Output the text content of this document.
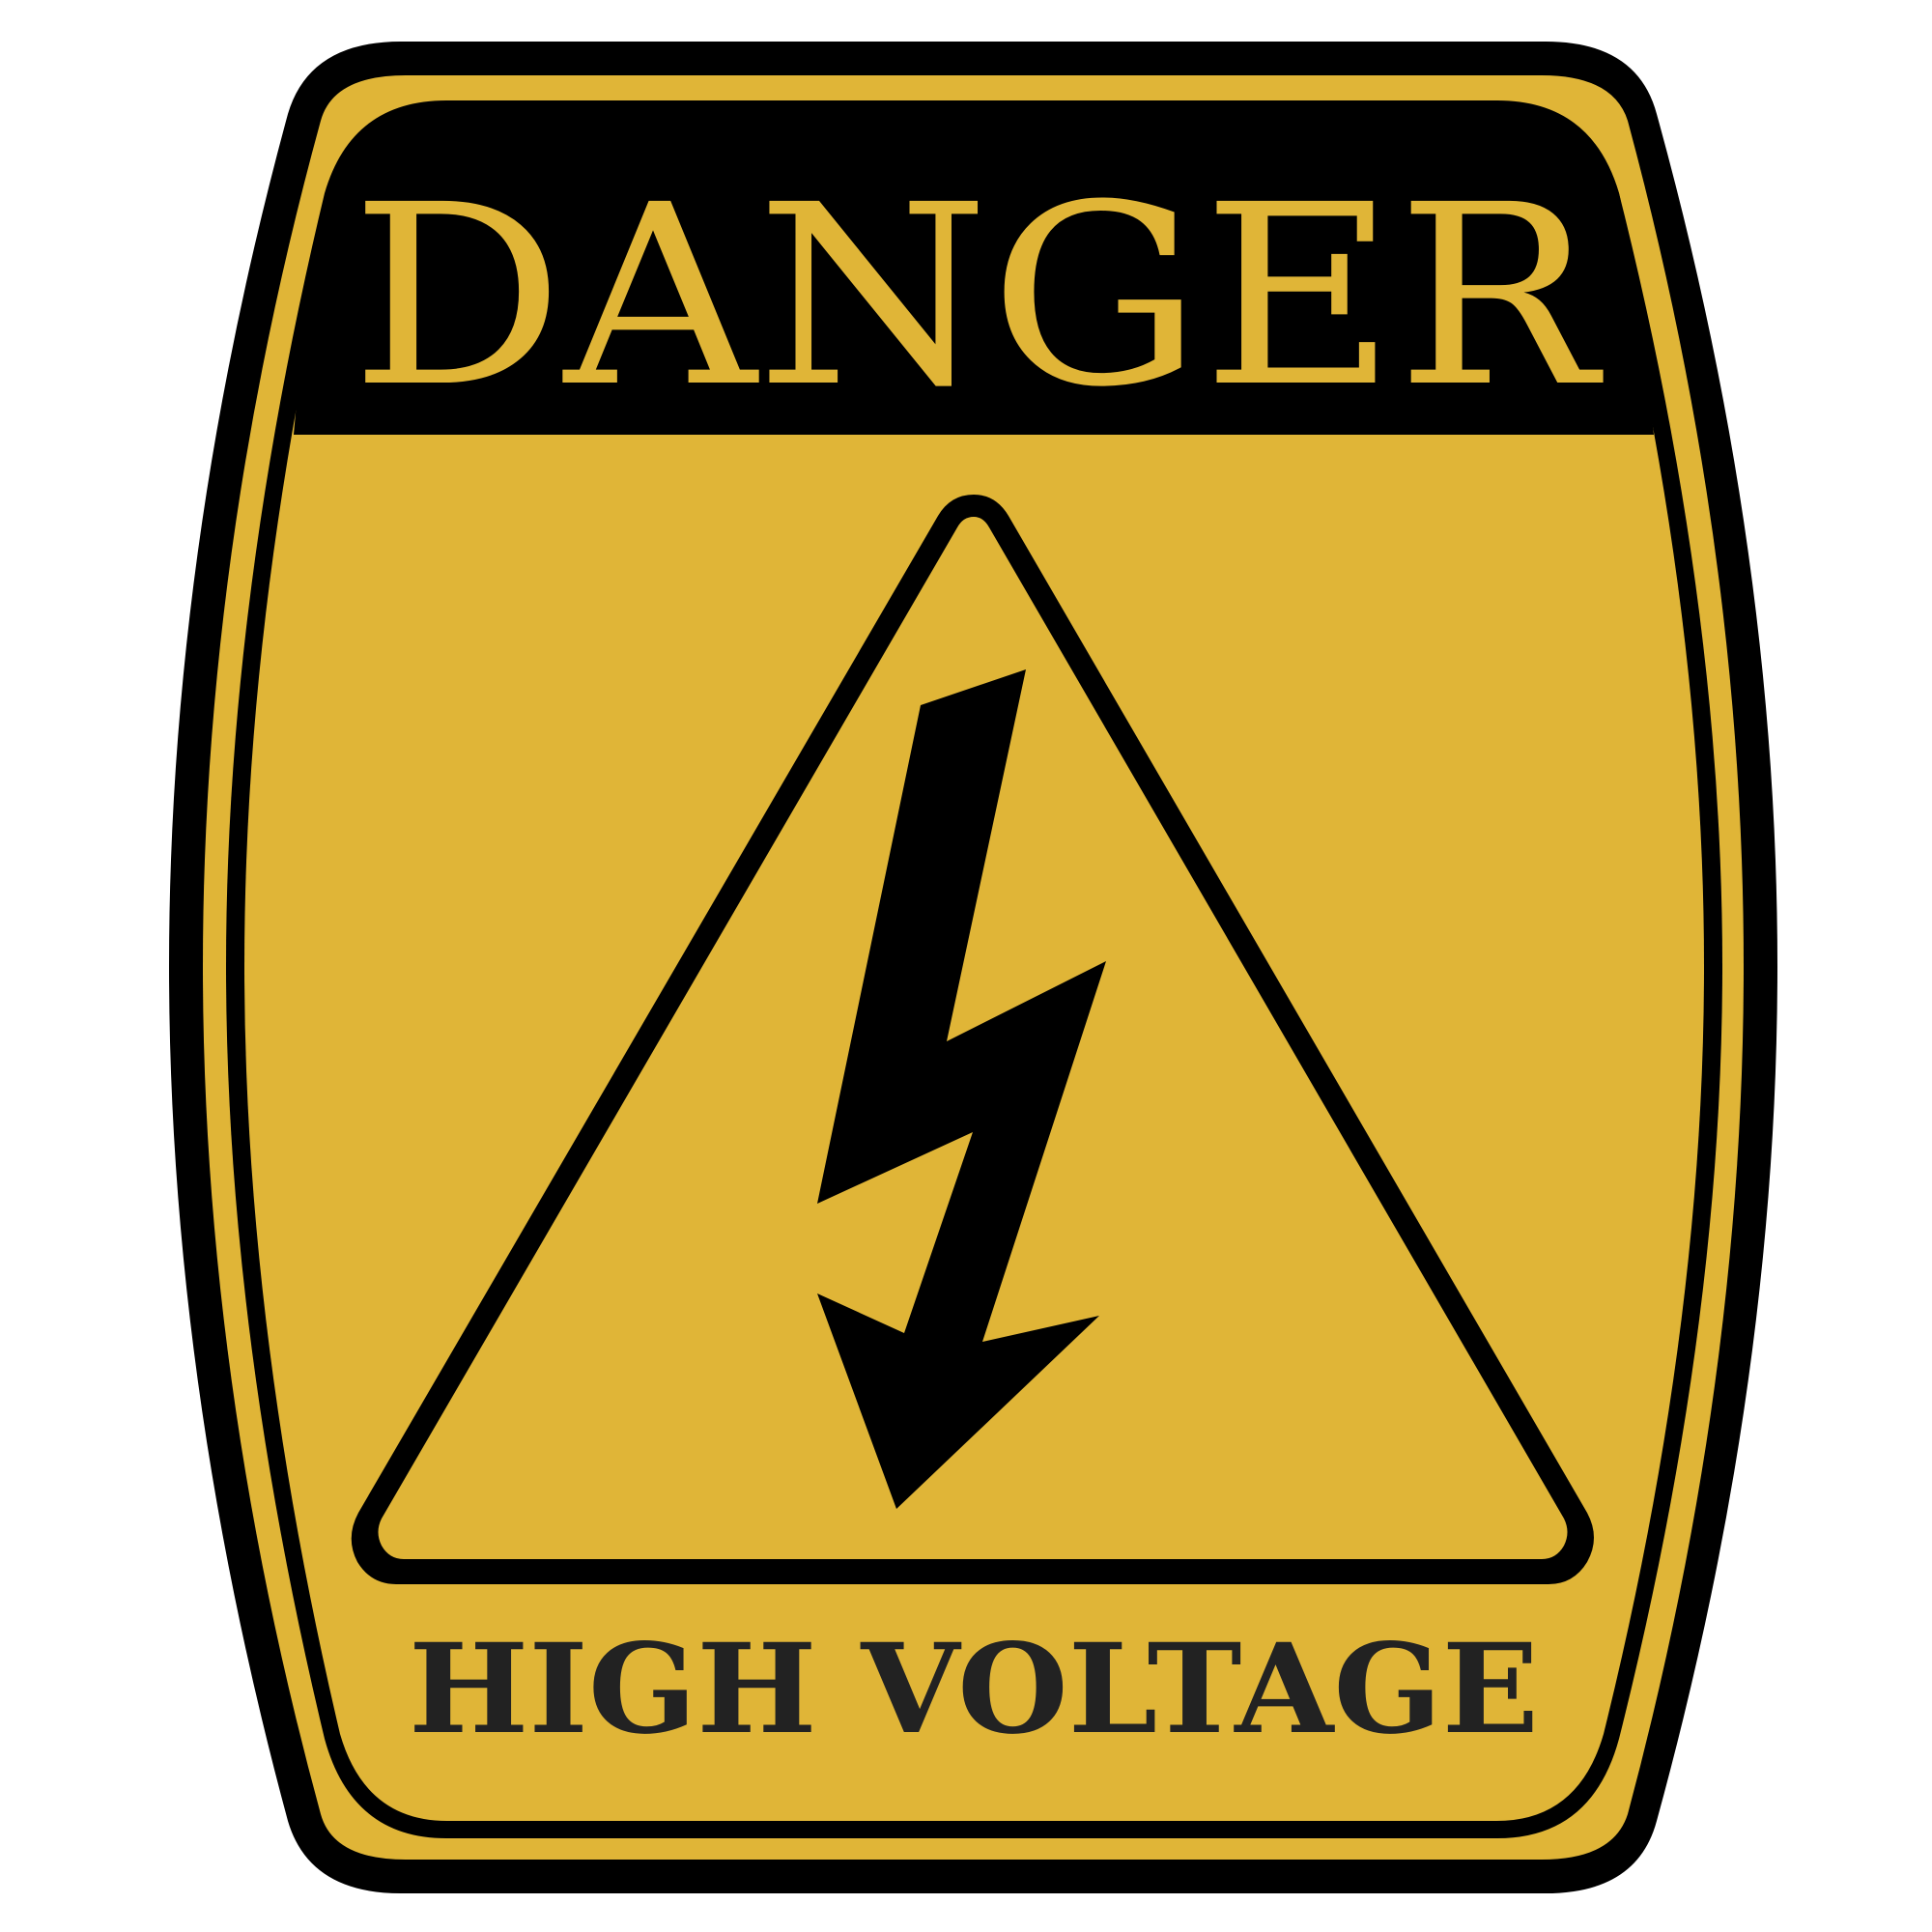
DANGER
HIGH VOLTAGE
